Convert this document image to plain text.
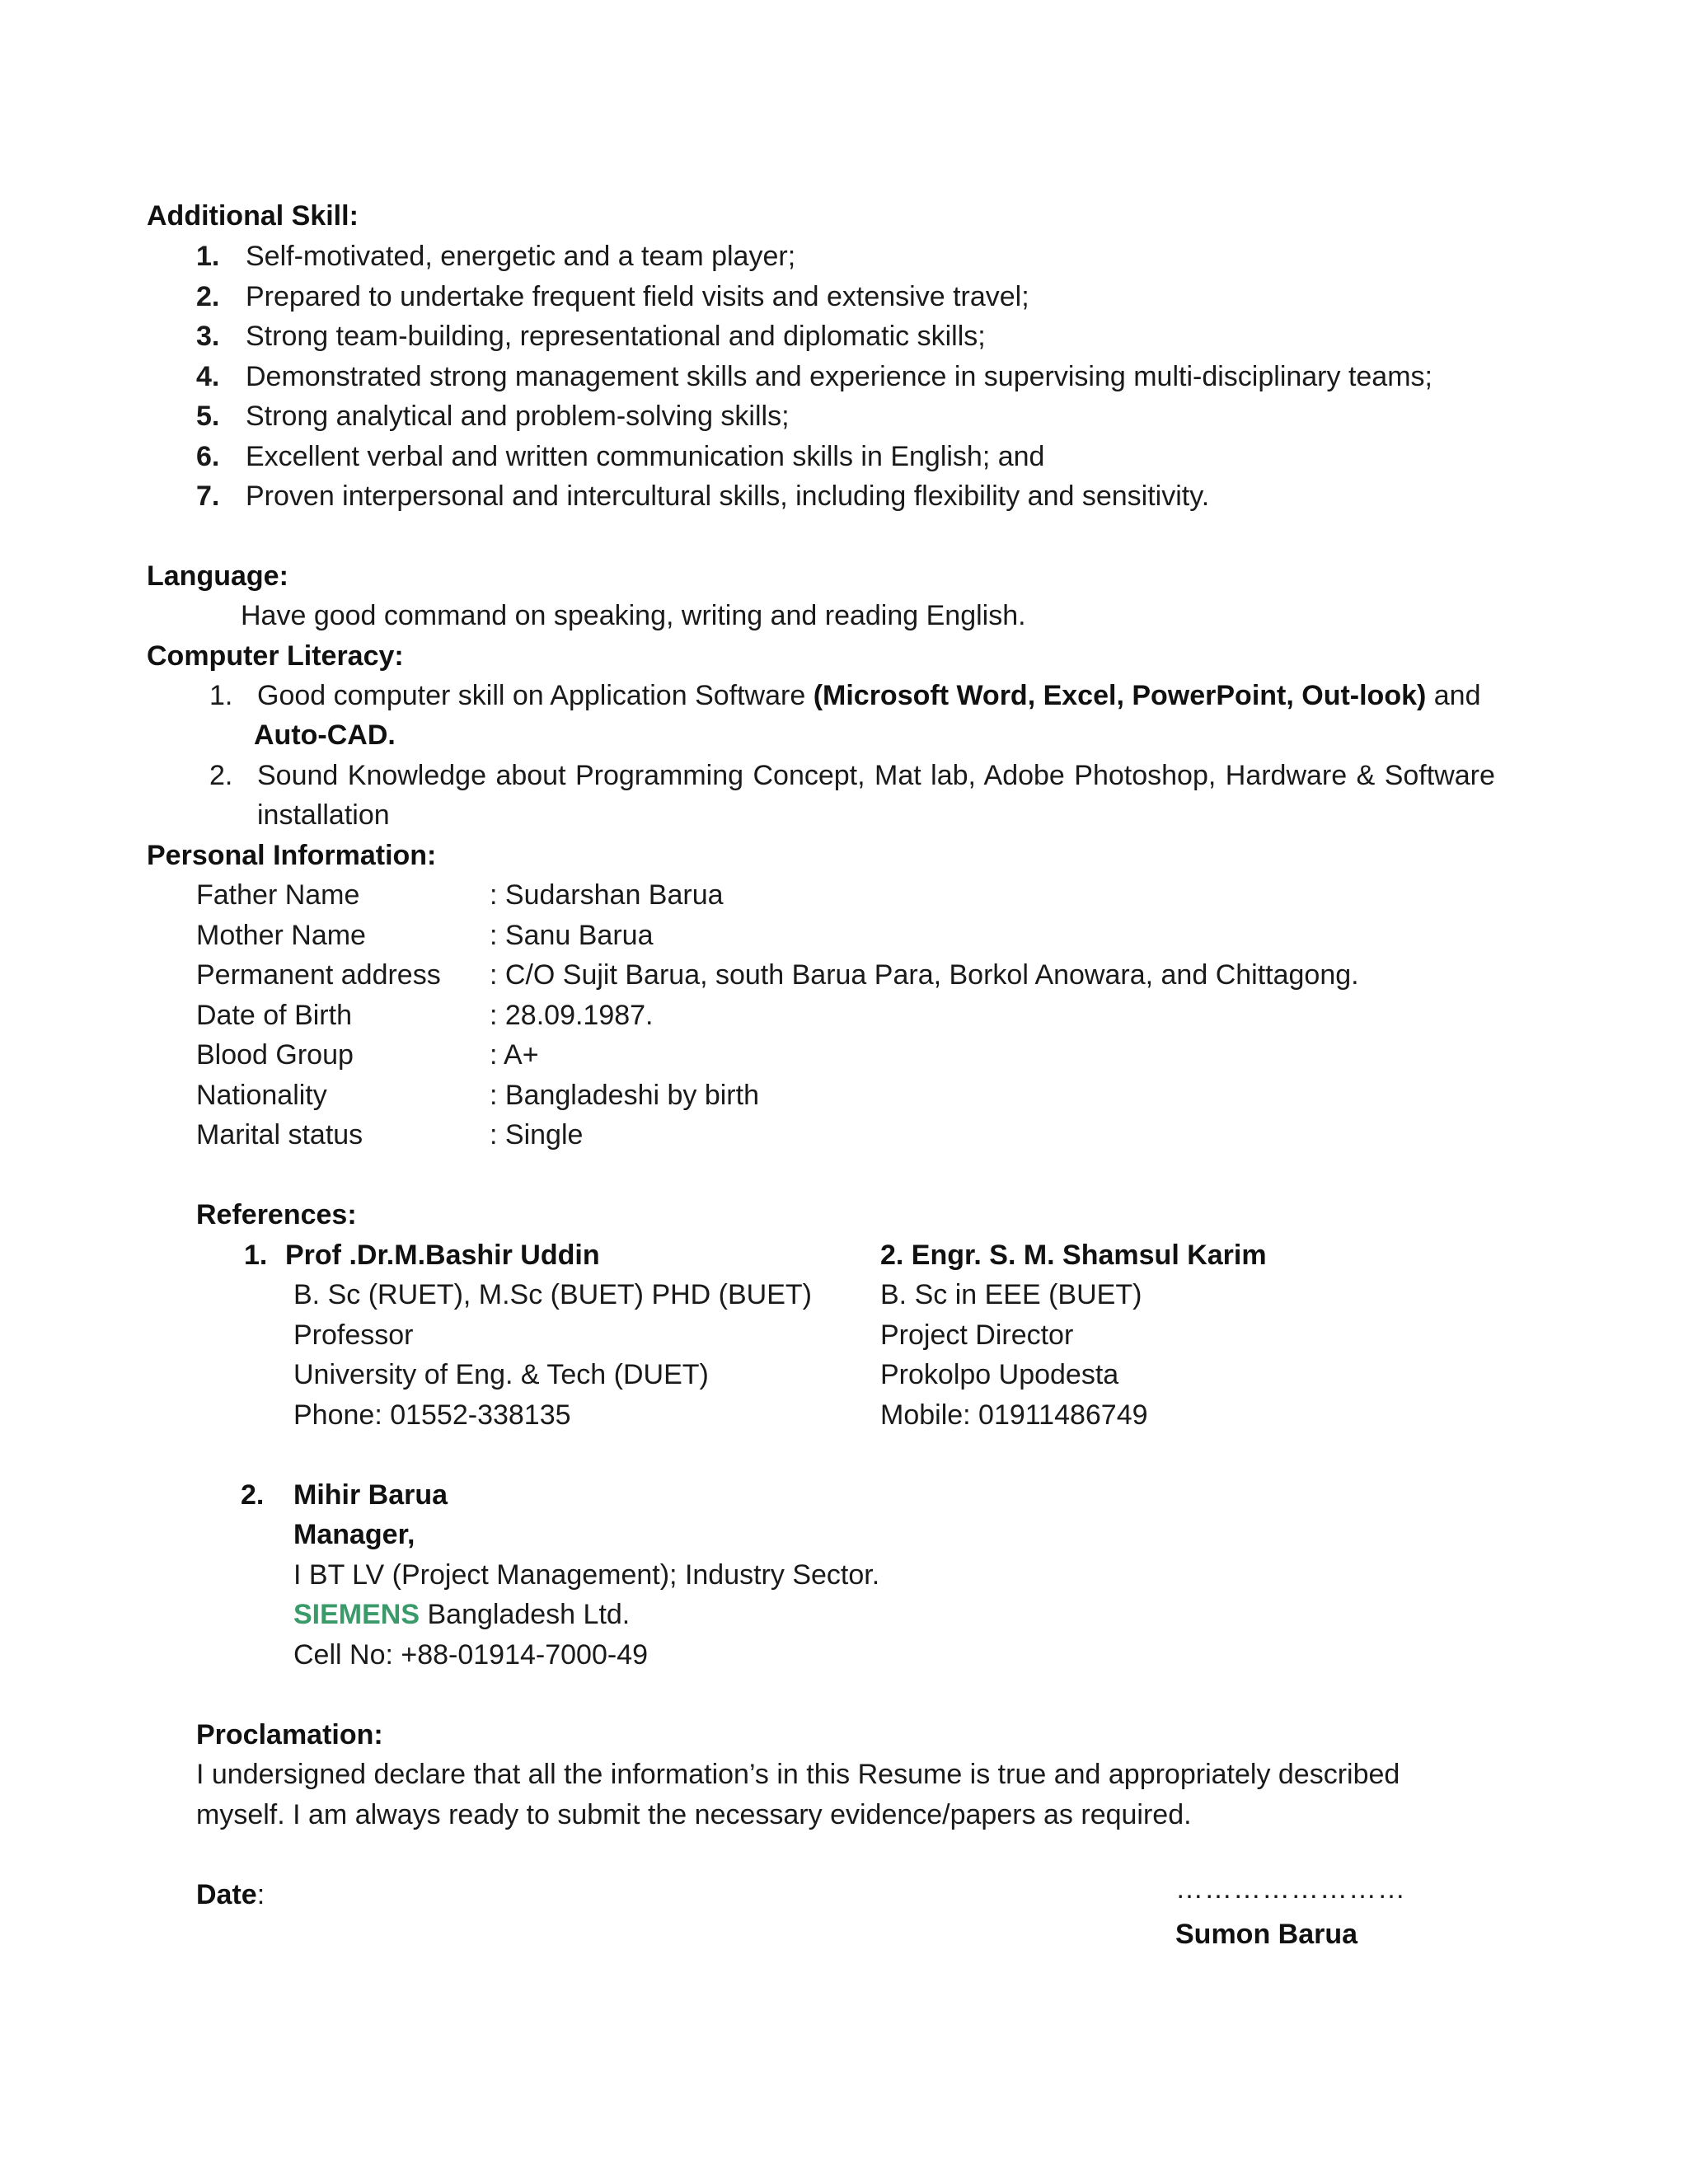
Additional Skill:
1. Self-motivated, energetic and a team player;
2. Prepared to undertake frequent field visits and extensive travel;
3. Strong team-building, representational and diplomatic skills;
4. Demonstrated strong management skills and experience in supervising multi-disciplinary teams;
5. Strong analytical and problem-solving skills;
6. Excellent verbal and written communication skills in English; and
7. Proven interpersonal and intercultural skills, including flexibility and sensitivity.
Language:
Have good command on speaking, writing and reading English.
Computer Literacy:
1. Good computer skill on Application Software (Microsoft Word, Excel, PowerPoint, Out-look) and
Auto-CAD.
2. Sound Knowledge about Programming Concept, Mat lab, Adobe Photoshop, Hardware & Software
installation
Personal Information:
Father Name	: Sudarshan Barua
Mother Name	: Sanu Barua
Permanent address : C/O Sujit Barua, south Barua Para, Borkol Anowara, and Chittagong.
Date of Birth	: 28.09.1987.
Blood Group	: A+
Nationality	: Bangladeshi by birth
Marital status	: Single
References:
1. Prof .Dr.M.Bashir Uddin
B. Sc (RUET), M.Sc (BUET) PHD (BUET)
Professor
University of Eng. & Tech (DUET)
Phone: 01552-338135
2. Engr. S. M. Shamsul Karim
B. Sc in EEE (BUET)
Project Director
Prokolpo Upodesta
Mobile: 01911486749
2. Mihir Barua
Manager,
I BT LV (Project Management); Industry Sector.
SIEMENS Bangladesh Ltd.
Cell No: +88-01914-7000-49
Proclamation:
I undersigned declare that all the information’s in this Resume is true and appropriately described
myself. I am always ready to submit the necessary evidence/papers as required.
Date:	……………………
Sumon Barua
